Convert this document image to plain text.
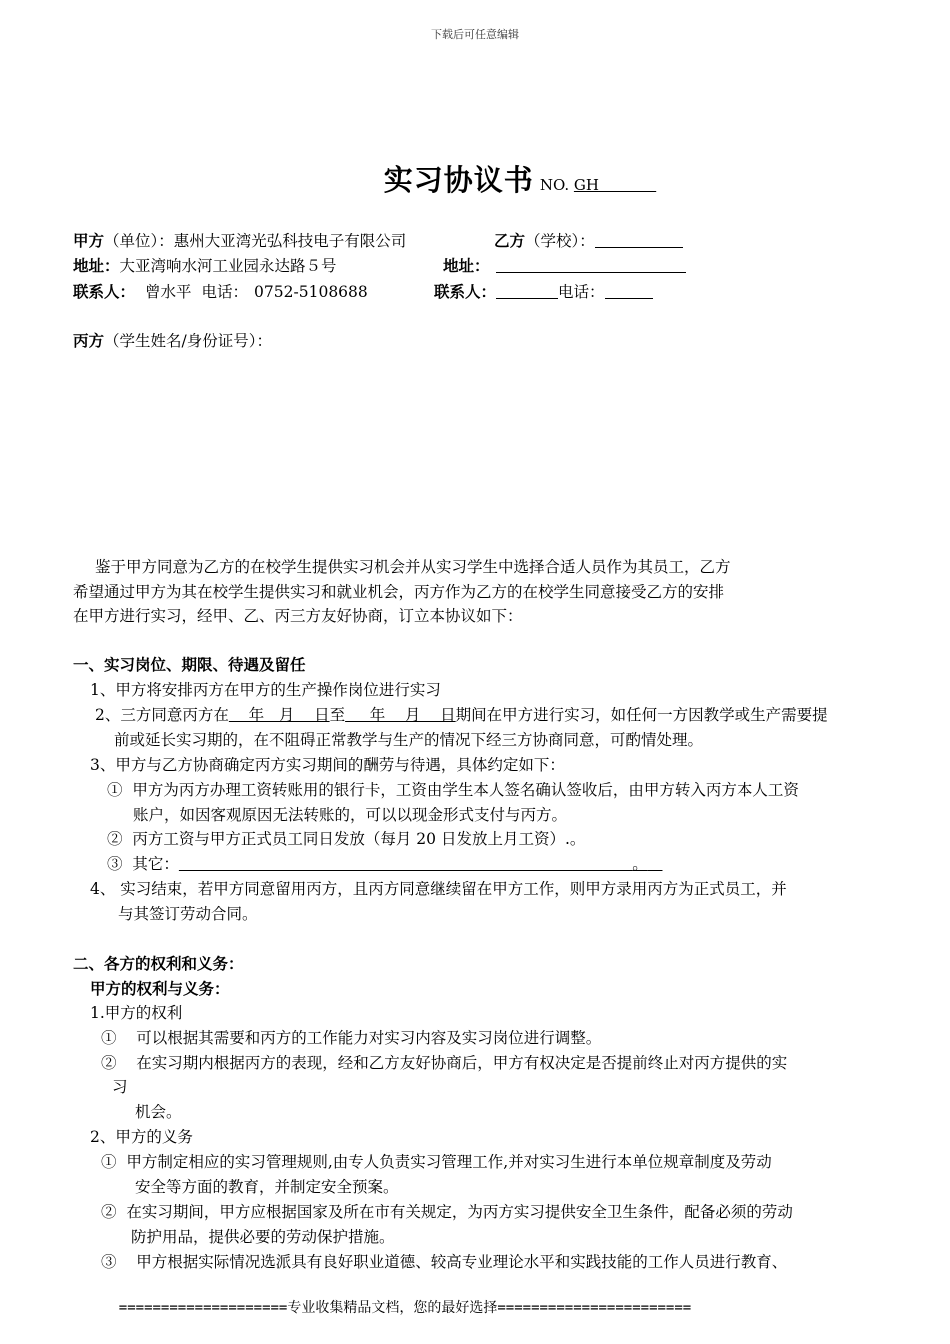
下载后可任意编辑
实习协议书 NO. GH
甲方（单位）：惠州大亚湾光弘科技电子有限公司	乙方（学校）：
地址：大亚湾响水河工业园永达路５号	地址：
联系人： 曾水平 电话： 0752-5108688	联系人：	电话：
丙方（学生姓名/身份证号）：
鉴于甲方同意为乙方的在校学生提供实习机会并从实习学生中选择合适人员作为其员工，乙方
希望通过甲方为其在校学生提供实习和就业机会，丙方作为乙方的在校学生同意接受乙方的安排
在甲方进行实习，经甲、乙、丙三方友好协商，订立本协议如下：
一、实习岗位、期限、待遇及留任
1、甲方将安排丙方在甲方的生产操作岗位进行实习
2、三方同意丙方在    年   月    日至     年    月    日期间在甲方进行实习，如任何一方因教学或生产需要提
前或延长实习期的，在不阻碍正常教学与生产的情况下经三方协商同意，可酌情处理。
3、甲方与乙方协商确定丙方实习期间的酬劳与待遇，具体约定如下：
① 甲方为丙方办理工资转账用的银行卡，工资由学生本人签名确认签收后，由甲方转入丙方本人工资
账户，如因客观原因无法转账的，可以以现金形式支付与丙方。
② 丙方工资与甲方正式员工同日发放（每月 20 日发放上月工资）.。
③ 其它：	。
4、 实习结束，若甲方同意留用丙方，且丙方同意继续留在甲方工作，则甲方录用丙方为正式员工，并
与其签订劳动合同。
二、各方的权利和义务：
甲方的权利与义务：
1.甲方的权利
① 可以根据其需要和丙方的工作能力对实习内容及实习岗位进行调整。
② 在实习期内根据丙方的表现，经和乙方友好协商后，甲方有权决定是否提前终止对丙方提供的实
习
机会。
2、甲方的义务
① 甲方制定相应的实习管理规则,由专人负责实习管理工作,并对实习生进行本单位规章制度及劳动
安全等方面的教育，并制定安全预案。
② 在实习期间，甲方应根据国家及所在市有关规定，为丙方实习提供安全卫生条件，配备必须的劳动
防护用品，提供必要的劳动保护措施。
③ 甲方根据实际情况选派具有良好职业道德、较高专业理论水平和实践技能的工作人员进行教育、
====================专业收集精品文档，您的最好选择=======================
